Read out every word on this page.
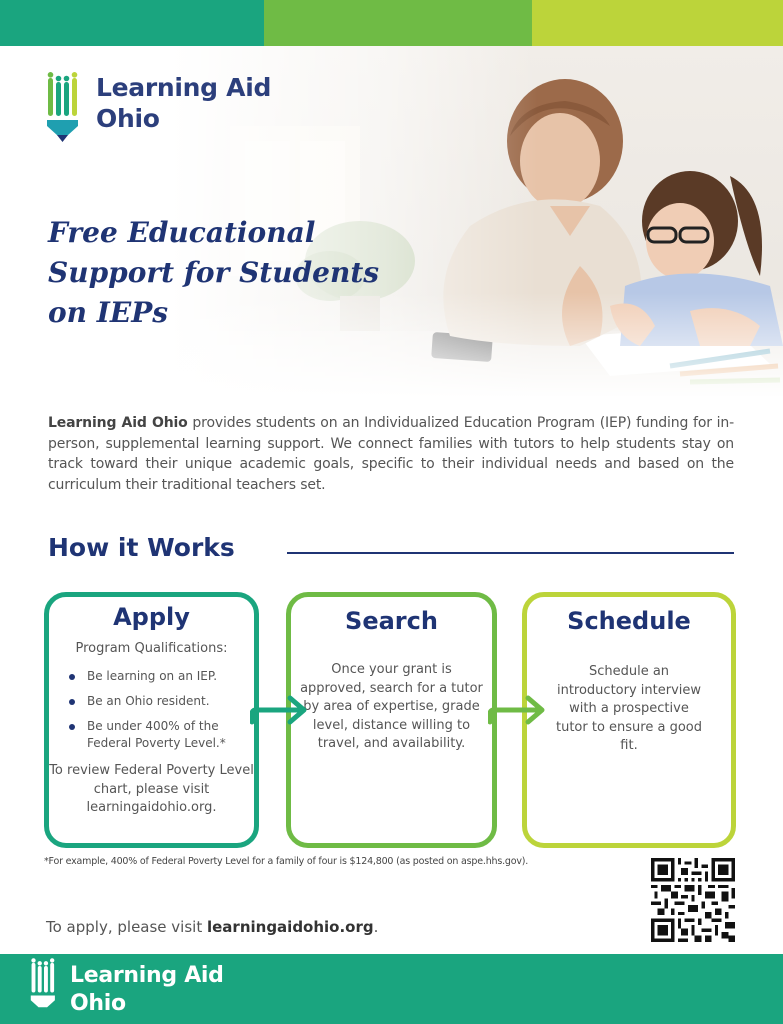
Learning Aid
Ohio
Free Educational
Support for Students
on IEPs

Learning Aid Ohio provides students on an Individualized Education Program (IEP) funding for in-person, supplemental learning support. We connect families with tutors to help students stay on track toward their unique academic goals, specific to their individual needs and based on the curriculum their traditional teachers set.

How it Works
Apply
Program Qualifications:
Be learning on an IEP.
Be an Ohio resident.
Be under 400% of the Federal Poverty Level.*
To review Federal Poverty Level chart, please visit learningaidohio.org.
Search
Once your grant is approved, search for a tutor by area of expertise, grade level, distance willing to travel, and availability.
Schedule
Schedule an introductory interview with a prospective tutor to ensure a good fit.
*For example, 400% of Federal Poverty Level for a family of four is $124,800 (as posted on aspe.hhs.gov).
To apply, please visit learningaidohio.org.
Learning Aid
Ohio
